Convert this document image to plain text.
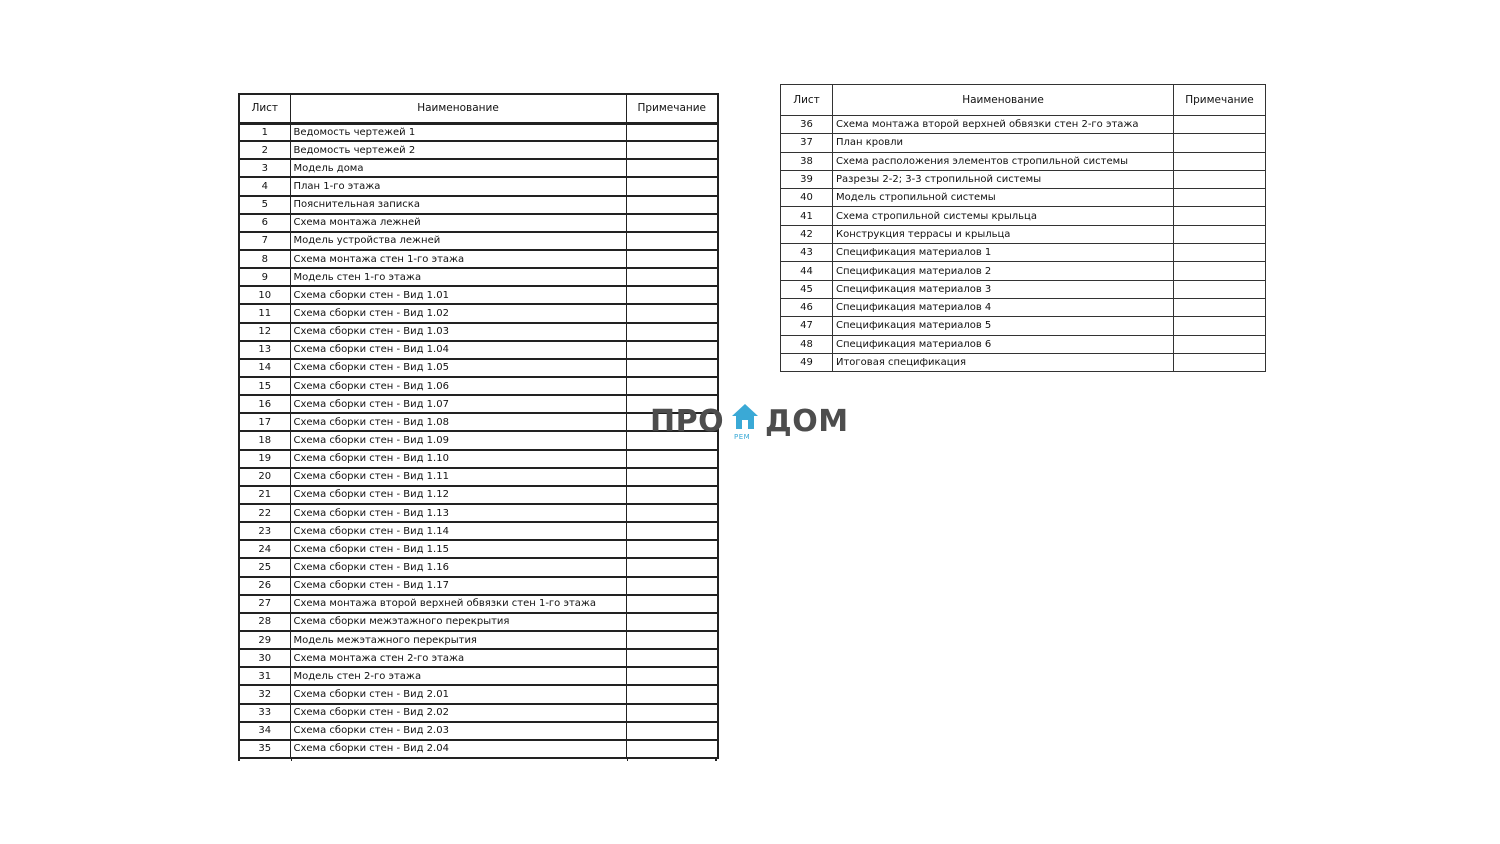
Лист	Наименование	Примечание
1	Ведомость чертежей 1	
2	Ведомость чертежей 2	
3	Модель дома	
4	План 1-го этажа	
5	Пояснительная записка	
6	Схема монтажа лежней	
7	Модель устройства лежней	
8	Схема монтажа стен 1-го этажа	
9	Модель стен 1-го этажа	
10	Схема сборки стен - Вид 1.01	
11	Схема сборки стен - Вид 1.02	
12	Схема сборки стен - Вид 1.03	
13	Схема сборки стен - Вид 1.04	
14	Схема сборки стен - Вид 1.05	
15	Схема сборки стен - Вид 1.06	
16	Схема сборки стен - Вид 1.07	
17	Схема сборки стен - Вид 1.08	
18	Схема сборки стен - Вид 1.09	
19	Схема сборки стен - Вид 1.10	
20	Схема сборки стен - Вид 1.11	
21	Схема сборки стен - Вид 1.12	
22	Схема сборки стен - Вид 1.13	
23	Схема сборки стен - Вид 1.14	
24	Схема сборки стен - Вид 1.15	
25	Схема сборки стен - Вид 1.16	
26	Схема сборки стен - Вид 1.17	
27	Схема монтажа второй верхней обвязки стен 1-го этажа	
28	Схема сборки межэтажного перекрытия	
29	Модель межэтажного перекрытия	
30	Схема монтажа стен 2-го этажа	
31	Модель стен 2-го этажа	
32	Схема сборки стен - Вид 2.01	
33	Схема сборки стен - Вид 2.02	
34	Схема сборки стен - Вид 2.03	
35	Схема сборки стен - Вид 2.04	
Лист	Наименование	Примечание
36	Схема монтажа второй верхней обвязки стен 2-го этажа	
37	План кровли	
38	Схема расположения элементов стропильной системы	
39	Разрезы 2-2; 3-3 стропильной системы	
40	Модель стропильной системы	
41	Схема стропильной системы крыльца	
42	Конструкция террасы и крыльца	
43	Спецификация материалов 1	
44	Спецификация материалов 2	
45	Спецификация материалов 3	
46	Спецификация материалов 4	
47	Спецификация материалов 5	
48	Спецификация материалов 6	
49	Итоговая спецификация	
ПРО РЕМ ДОМ
